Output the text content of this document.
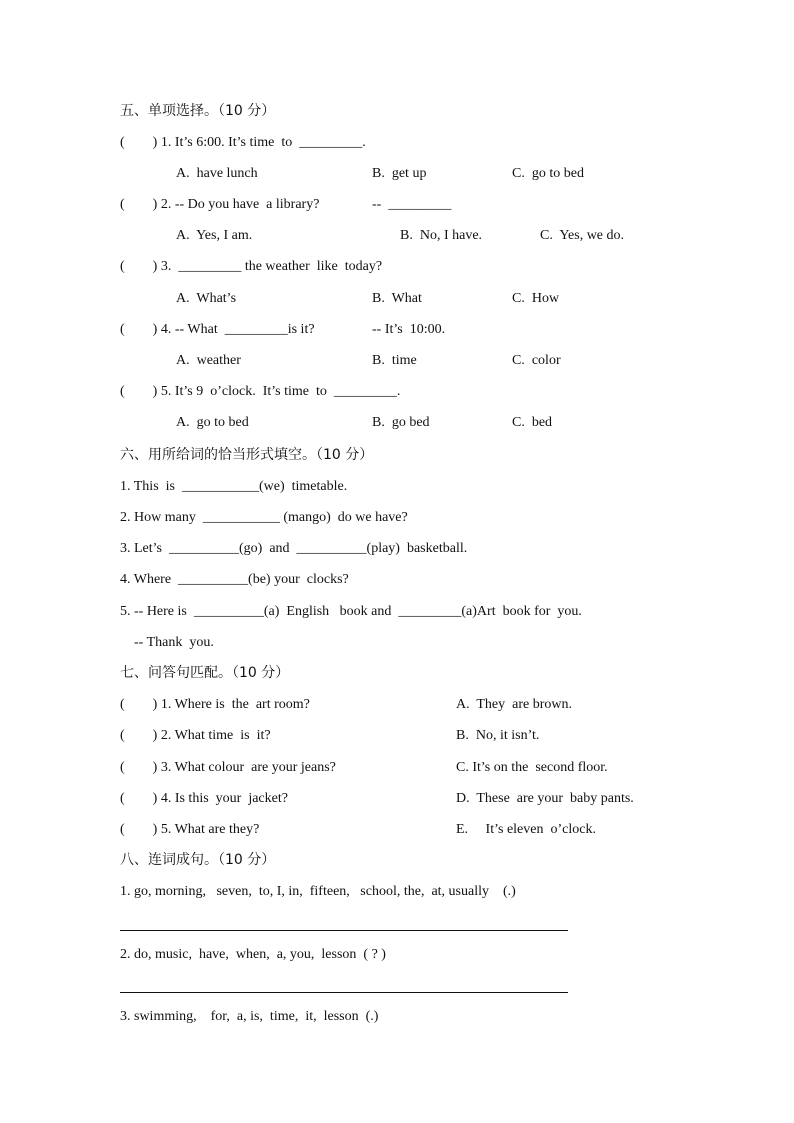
五、单项选择。（10 分）
(        ) 1. It’s 6:00. It’s time  to  _________.
A.  have lunch	B.  get up	C.  go to bed
(        ) 2. -- Do you have  a library?	--  _________
A.  Yes, I am.	B.  No, I have.	C.  Yes, we do.
(        ) 3.  _________ the weather  like  today?
A.  What’s	B.  What	C.  How
(        ) 4. -- What  _________is it?	-- It’s  10:00.
A.  weather	B.  time	C.  color
(        ) 5. It’s 9  o’clock.  It’s time  to  _________.
A.  go to bed	B.  go bed	C.  bed
六、用所给词的恰当形式填空。（10 分）
1. This  is  ___________(we)  timetable.
2. How many  ___________ (mango)  do we have?
3. Let’s  __________(go)  and  __________(play)  basketball.
4. Where  __________(be) your  clocks?
5. -- Here is  __________(a)  English   book and  _________(a)Art  book for  you.
-- Thank  you.
七、问答句匹配。（10 分）
(        ) 1. Where is  the  art room?	A.  They  are brown.
(        ) 2. What time  is  it?	B.  No, it isn’t.
(        ) 3. What colour  are your jeans?	C. It’s on the  second floor.
(        ) 4. Is this  your  jacket?	D.  These  are your  baby pants.
(        ) 5. What are they?	E.     It’s eleven  o’clock.
八、连词成句。（10 分）
1. go, morning,   seven,  to, I, in,  fifteen,   school, the,  at, usually    (.)
2. do, music,  have,  when,  a, you,  lesson  ( ? )
3. swimming,    for,  a, is,  time,  it,  lesson  (.)
